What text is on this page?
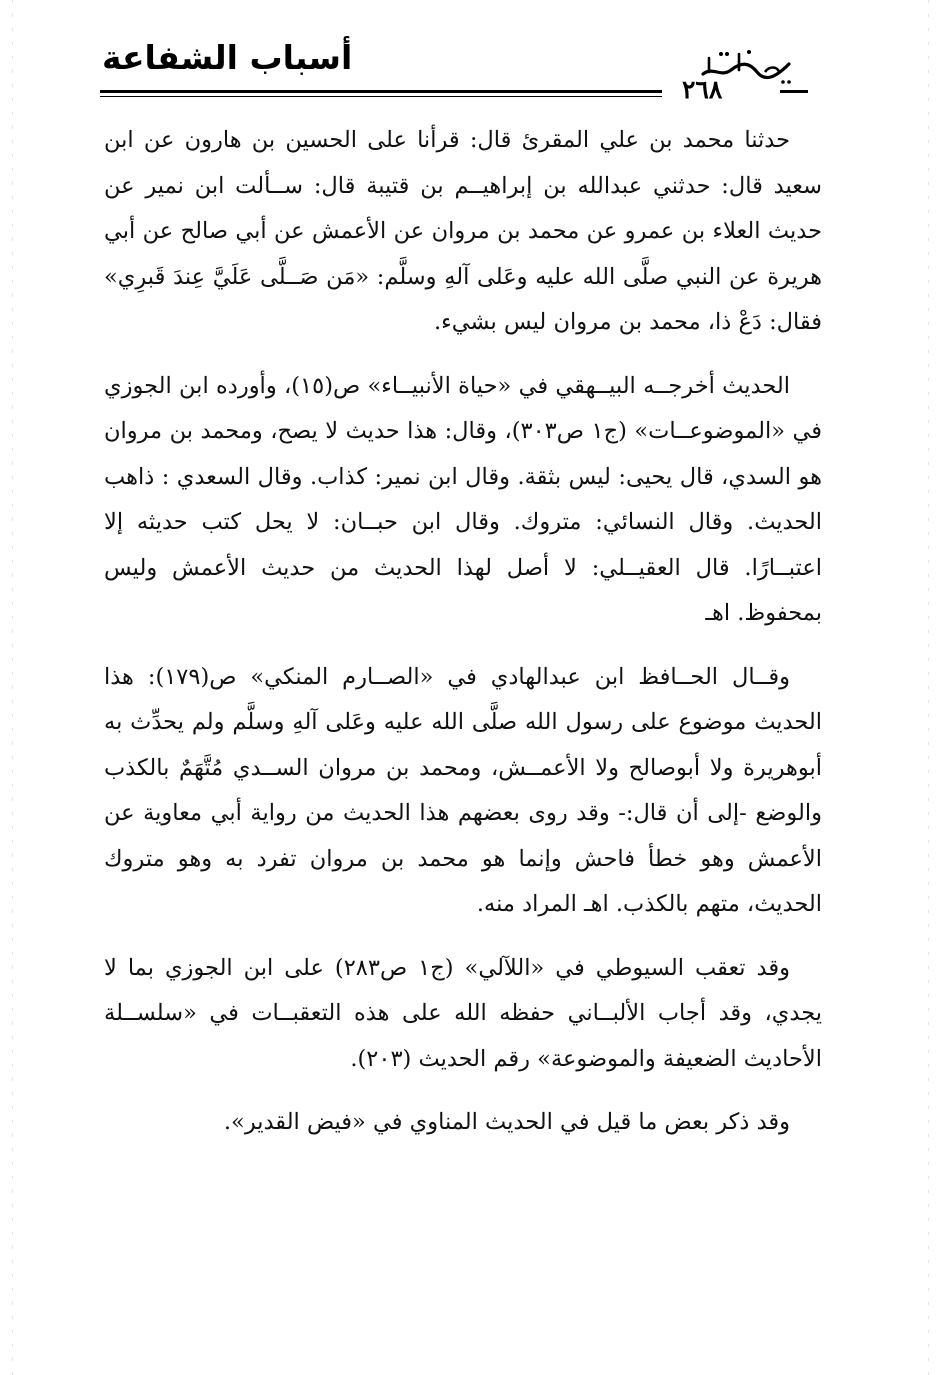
أسباب الشفاعة
٢٦٨

حدثنا محمد بن علي المقرئ قال: قرأنا على الحسين بن هارون عن ابن سعيد قال: حدثني عبدالله بن إبراهيــم بن قتيبة قال: ســألت ابن نمير عن حديث العلاء بن عمرو عن محمد بن مروان عن الأعمش عن أبي صالح عن أبي هريرة عن النبي صلَّى الله عليه وعَلى آلهِ وسلَّم: «مَن صَــلَّى عَلَيَّ عِندَ قَبرِي» فقال: دَعْ ذا، محمد بن مروان ليس بشيء.

الحديث أخرجــه البيــهقي في «حياة الأنبيــاء» ص(١٥)، وأورده ابن الجوزي في «الموضوعــات» (ج١ ص٣٠٣)، وقال: هذا حديث لا يصح، ومحمد بن مروان هو السدي، قال يحيى: ليس بثقة. وقال ابن نمير: كذاب. وقال السعدي : ذاهب الحديث. وقال النسائي: متروك. وقال ابن حبــان: لا يحل كتب حديثه إلا اعتبــارًا. قال العقيــلي: لا أصل لهذا الحديث من حديث الأعمش وليس بمحفوظ. اهـ

وقــال الحــافظ ابن عبدالهادي في «الصــارم المنكي» ص(١٧٩): هذا الحديث موضوع على رسول الله صلَّى الله عليه وعَلى آلهِ وسلَّم ولم يحدِّث به أبوهريرة ولا أبوصالح ولا الأعمــش، ومحمد بن مروان الســدي مُتَّهَمٌ بالكذب والوضع -إلى أن قال:- وقد روى بعضهم هذا الحديث من رواية أبي معاوية عن الأعمش وهو خطأ فاحش وإنما هو محمد بن مروان تفرد به وهو متروك الحديث، متهم بالكذب. اهـ المراد منه.

وقد تعقب السيوطي في «اللآلي» (ج١ ص٢٨٣) على ابن الجوزي بما لا يجدي، وقد أجاب الألبــاني حفظه الله على هذه التعقبــات في «سلســلة الأحاديث الضعيفة والموضوعة» رقم الحديث (٢٠٣).

وقد ذكر بعض ما قيل في الحديث المناوي في «فيض القدير».
